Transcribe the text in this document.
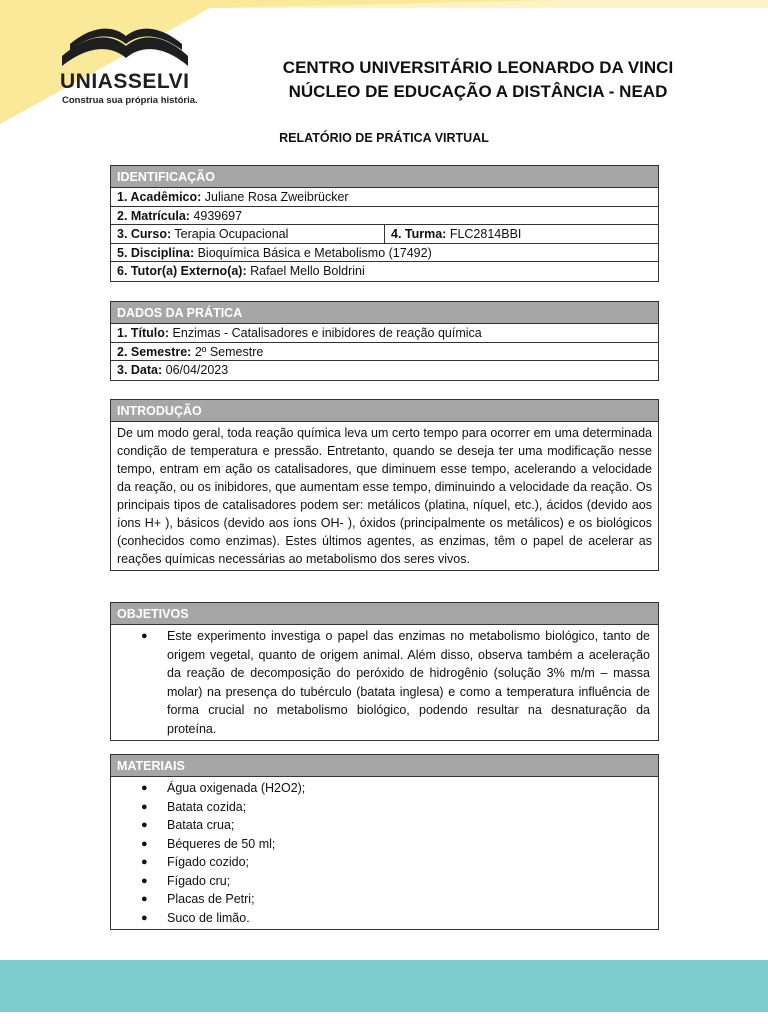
UNIASSELVI
Construa sua própria história.
CENTRO UNIVERSITÁRIO LEONARDO DA VINCI
NÚCLEO DE EDUCAÇÃO A DISTÂNCIA - NEAD
RELATÓRIO DE PRÁTICA VIRTUAL
IDENTIFICAÇÃO
1. Acadêmico: Juliane Rosa Zweibrücker
2. Matrícula: 4939697
3. Curso: Terapia Ocupacional	4. Turma: FLC2814BBI
5. Disciplina: Bioquímica Básica e Metabolismo (17492)
6. Tutor(a) Externo(a): Rafael Mello Boldrini
DADOS DA PRÁTICA
1. Título: Enzimas - Catalisadores e inibidores de reação química
2. Semestre: 2º Semestre
3. Data: 06/04/2023
INTRODUÇÃO
De um modo geral, toda reação química leva um certo tempo para ocorrer em uma determinada condição de temperatura e pressão. Entretanto, quando se deseja ter uma modificação nesse tempo, entram em ação os catalisadores, que diminuem esse tempo, acelerando a velocidade da reação, ou os inibidores, que aumentam esse tempo, diminuindo a velocidade da reação. Os principais tipos de catalisadores podem ser: metálicos (platina, níquel, etc.), ácidos (devido aos íons H+ ), básicos (devido aos íons OH- ), óxidos (principalmente os metálicos) e os biológicos (conhecidos como enzimas). Estes últimos agentes, as enzimas, têm o papel de acelerar as reações químicas necessárias ao metabolismo dos seres vivos.
OBJETIVOS
● Este experimento investiga o papel das enzimas no metabolismo biológico, tanto de origem vegetal, quanto de origem animal. Além disso, observa também a aceleração da reação de decomposição do peróxido de hidrogênio (solução 3% m/m – massa molar) na presença do tubérculo (batata inglesa) e como a temperatura influência de forma crucial no metabolismo biológico, podendo resultar na desnaturação da proteína.
MATERIAIS
● Água oxigenada (H2O2);
● Batata cozida;
● Batata crua;
● Béqueres de 50 ml;
● Fígado cozido;
● Fígado cru;
● Placas de Petri;
● Suco de limão.
